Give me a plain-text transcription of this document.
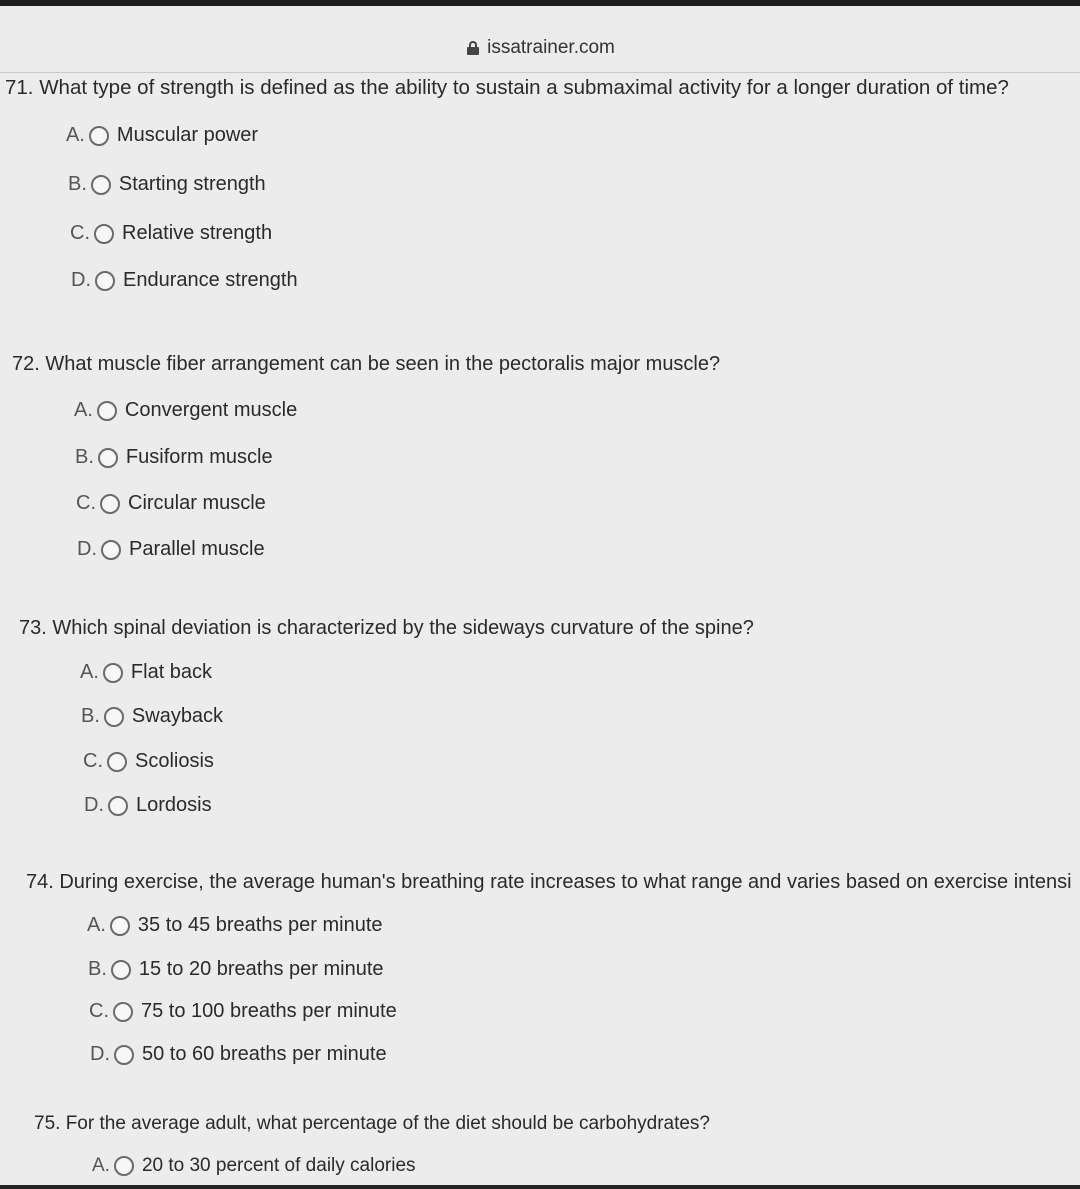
issatrainer.com
71. What type of strength is defined as the ability to sustain a submaximal activity for a longer duration of time?
A. Muscular power
B. Starting strength
C. Relative strength
D. Endurance strength
72. What muscle fiber arrangement can be seen in the pectoralis major muscle?
A. Convergent muscle
B. Fusiform muscle
C. Circular muscle
D. Parallel muscle
73. Which spinal deviation is characterized by the sideways curvature of the spine?
A. Flat back
B. Swayback
C. Scoliosis
D. Lordosis
74. During exercise, the average human's breathing rate increases to what range and varies based on exercise intensi
A. 35 to 45 breaths per minute
B. 15 to 20 breaths per minute
C. 75 to 100 breaths per minute
D. 50 to 60 breaths per minute
75. For the average adult, what percentage of the diet should be carbohydrates?
A. 20 to 30 percent of daily calories
